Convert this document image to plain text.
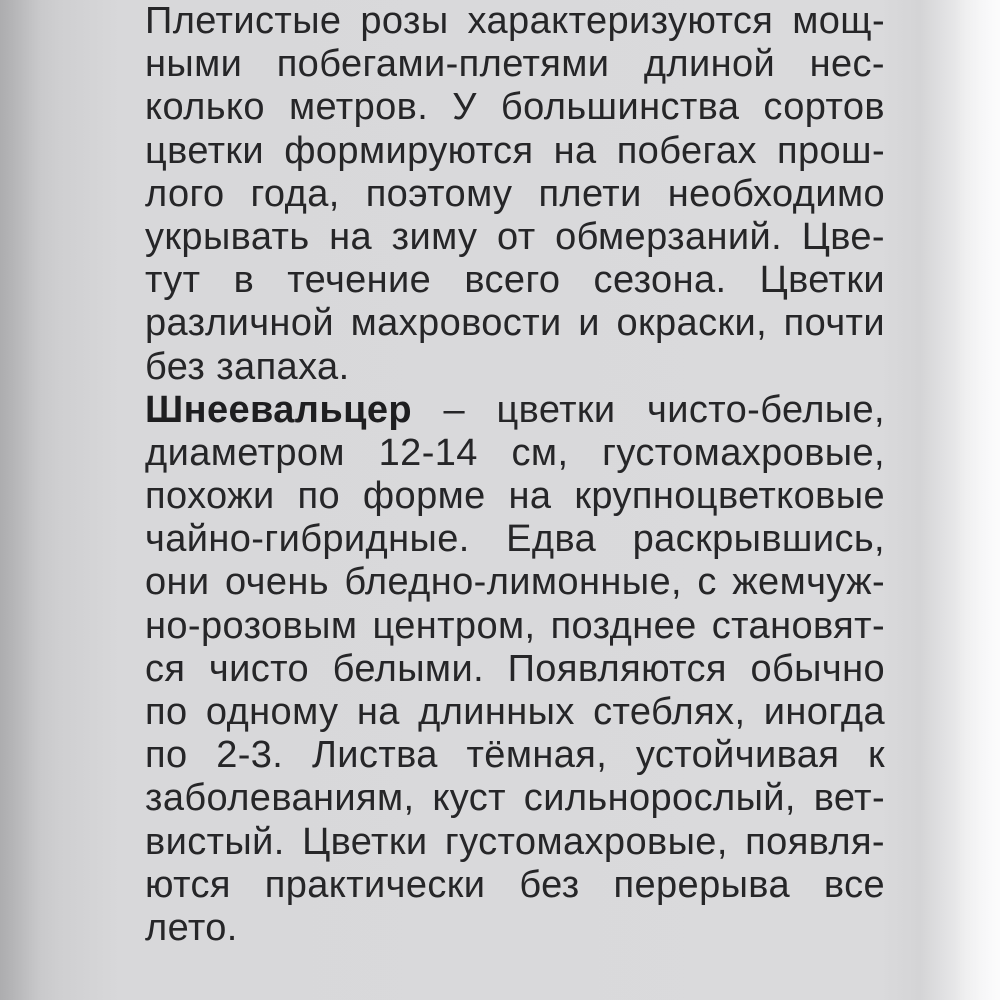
Плетистые розы характеризуются мощ-
ными побегами-плетями длиной нес-
колько метров. У большинства сортов
цветки формируются на побегах прош-
лого года, поэтому плети необходимо
укрывать на зиму от обмерзаний. Цве-
тут в течение всего сезона. Цветки
различной махровости и окраски, почти
без запаха.
Шнеевальцер – цветки чисто-белые,
диаметром 12-14 см, густомахровые,
похожи по форме на крупноцветковые
чайно-гибридные. Едва раскрывшись,
они очень бледно-лимонные, с жемчуж-
но-розовым центром, позднее становят-
ся чисто белыми. Появляются обычно
по одному на длинных стеблях, иногда
по 2-3. Листва тёмная, устойчивая к
заболеваниям, куст сильнорослый, вет-
вистый. Цветки густомахровые, появля-
ются практически без перерыва все
лето.
